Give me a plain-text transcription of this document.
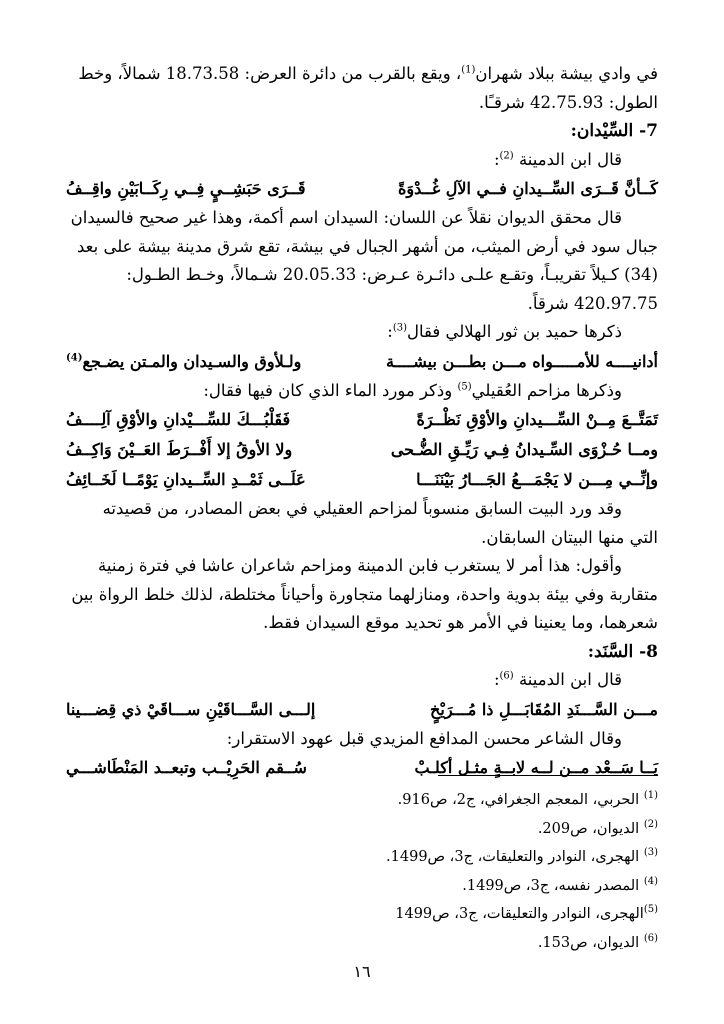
في وادي بيشة ببلاد شهران$^{(1)}$، ويقع بالقرب من دائرة العرض: 18.73.58 شمالاً، وخط
الطول: 42.75.93 شرقـًا.
7- السِّيْدان:
قال ابن الدمينة $^{(2)}$:
كَــأنَّ قَــرَى السِّــيدانِ فــي الآلِ غُــدْوَةً
قَــرَى حَبَشِــيٍ فِــي رِكَــابَيْنِ واقِــفُ
قال محقق الديوان نقلاً عن اللسان: السيدان اسم أكمة، وهذا غير صحيح فالسيدان
جبال سود في أرض الميثب، من أشهر الجبال في بيشة، تقع شرق مدينة بيشة على بعد
(34) كـيلاً تقريبـاً، وتقـع علـى دائـرة عـرض: 20.05.33 شـمالاً، وخـط الطـول:
420.97.75 شرقاً.
ذكرها حميد بن ثور الهلالي فقال$^{(3)}$:
أدانيــــه للأمـــــواه مـــن بطـــن بيشــــة
ولـلأوق والسـيدان والمـتن يضـجع$^{(4)}$
وذكرها مزاحم العُقيلي$^{(5)}$ وذكر مورد الماء الذي كان فيها فقال:
تَمَتَّــعَ مِــنْ السِّـــيدانِ والأوْقِ نَظْــرَةً
فَقَلْبُـــكَ للسِّـــيْدانِ والأوْقِ آلِــــفُ
ومــا حُـزْوَى السِّـيدانُ فِـي رَيِّـقِ الضُّـحى
ولا الأوقُ إلا أَفْــرَطَ العَــيْنَ وَاكِــفُ
وإنِّــي مِـــن لا يَجْمَـــعُ الجَـــارُ بَيْنَنَـــا
عَلَــى ثَمْــدِ السِّــيدانِ يَوْمًــا لَخَــائِفُ
وقد ورد البيت السابق منسوباً لمزاحم العقيلي في بعض المصادر، من قصيدته
التي منها البيتان السابقان.
وأقول: هذا أمر لا يستغرب فابن الدمينة ومزاحم شاعران عاشا في فترة زمنية
متقاربة وفي بيئة بدوية واحدة، ومنازلهما متجاورة وأحياناً مختلطة، لذلك خلط الرواة بين
شعرهما، وما يعنينا في الأمر هو تحديد موقع السيدان فقط.
8- السَّنَد:
قال ابن الدمينة $^{(6)}$:
مـــن السَّـــنَدِ المُقَابَـــلِ ذا مُـــرَيْخٍ
إلـــى السَّـــاقَيْنِ ســـاقَيْ ذي قِضـــينا
وقال الشاعر محسن المدافع المزيدي قبل عهود الاستقرار:
يَــا سَــعْد مــن لــه لابــةٍ مثـل أكلـبْ
سُــقم الحَرِيْــب وتبعــد المَنْطَاشـــي
$^{(1)}$ الحربي، المعجم الجغرافي، ج2، ص916.
$^{(2)}$ الديوان، ص209.
$^{(3)}$ الهجرى، النوادر والتعليقات، ج3، ص1499.
$^{(4)}$ المصدر نفسه، ج3، ص1499.
$^{(5)}$الهجرى، النوادر والتعليقات، ج3، ص1499
$^{(6)}$ الديوان، ص153.
١٦
